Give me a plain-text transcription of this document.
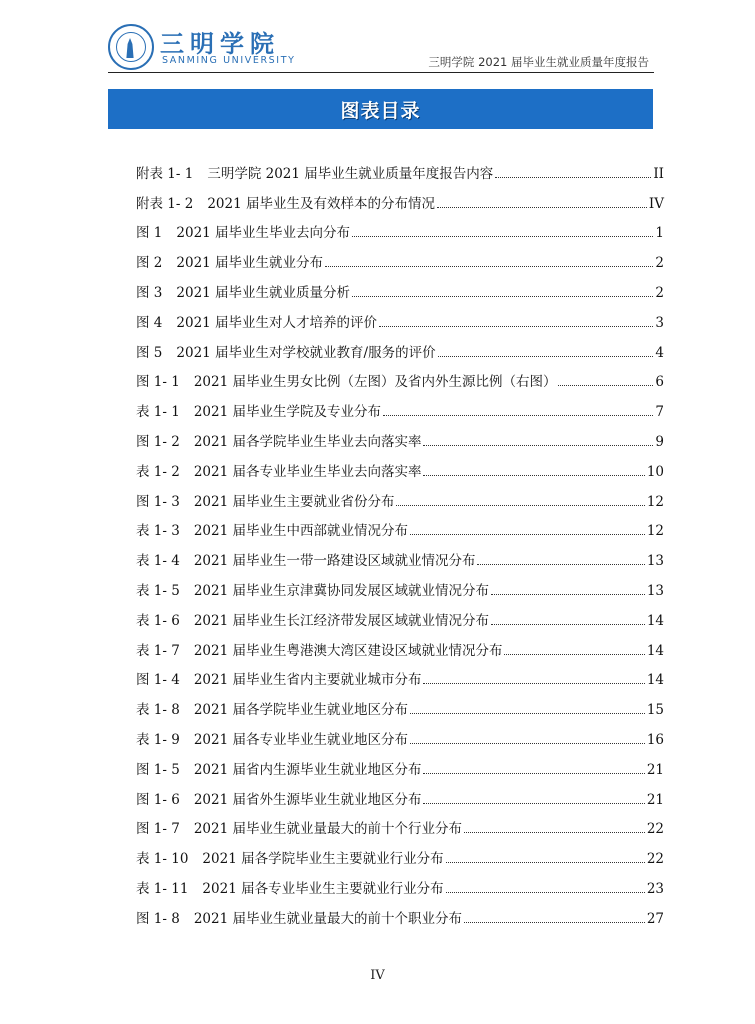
三明学院
SANMING UNIVERSITY	三明学院 2021 届毕业生就业质量年度报告
图表目录
附表 1- 1 三明学院 2021 届毕业生就业质量年度报告内容	II
附表 1- 2 2021 届毕业生及有效样本的分布情况	IV
图 1 2021 届毕业生毕业去向分布	1
图 2 2021 届毕业生就业分布	2
图 3 2021 届毕业生就业质量分析	2
图 4 2021 届毕业生对人才培养的评价	3
图 5 2021 届毕业生对学校就业教育/服务的评价	4
图 1- 1 2021 届毕业生男女比例（左图）及省内外生源比例（右图）	6
表 1- 1 2021 届毕业生学院及专业分布	7
图 1- 2 2021 届各学院毕业生毕业去向落实率	9
表 1- 2 2021 届各专业毕业生毕业去向落实率	10
图 1- 3 2021 届毕业生主要就业省份分布	12
表 1- 3 2021 届毕业生中西部就业情况分布	12
表 1- 4 2021 届毕业生一带一路建设区域就业情况分布	13
表 1- 5 2021 届毕业生京津冀协同发展区域就业情况分布	13
表 1- 6 2021 届毕业生长江经济带发展区域就业情况分布	14
表 1- 7 2021 届毕业生粤港澳大湾区建设区域就业情况分布	14
图 1- 4 2021 届毕业生省内主要就业城市分布	14
表 1- 8 2021 届各学院毕业生就业地区分布	15
表 1- 9 2021 届各专业毕业生就业地区分布	16
图 1- 5 2021 届省内生源毕业生就业地区分布	21
图 1- 6 2021 届省外生源毕业生就业地区分布	21
图 1- 7 2021 届毕业生就业量最大的前十个行业分布	22
表 1- 10 2021 届各学院毕业生主要就业行业分布	22
表 1- 11 2021 届各专业毕业生主要就业行业分布	23
图 1- 8 2021 届毕业生就业量最大的前十个职业分布	27
IV
